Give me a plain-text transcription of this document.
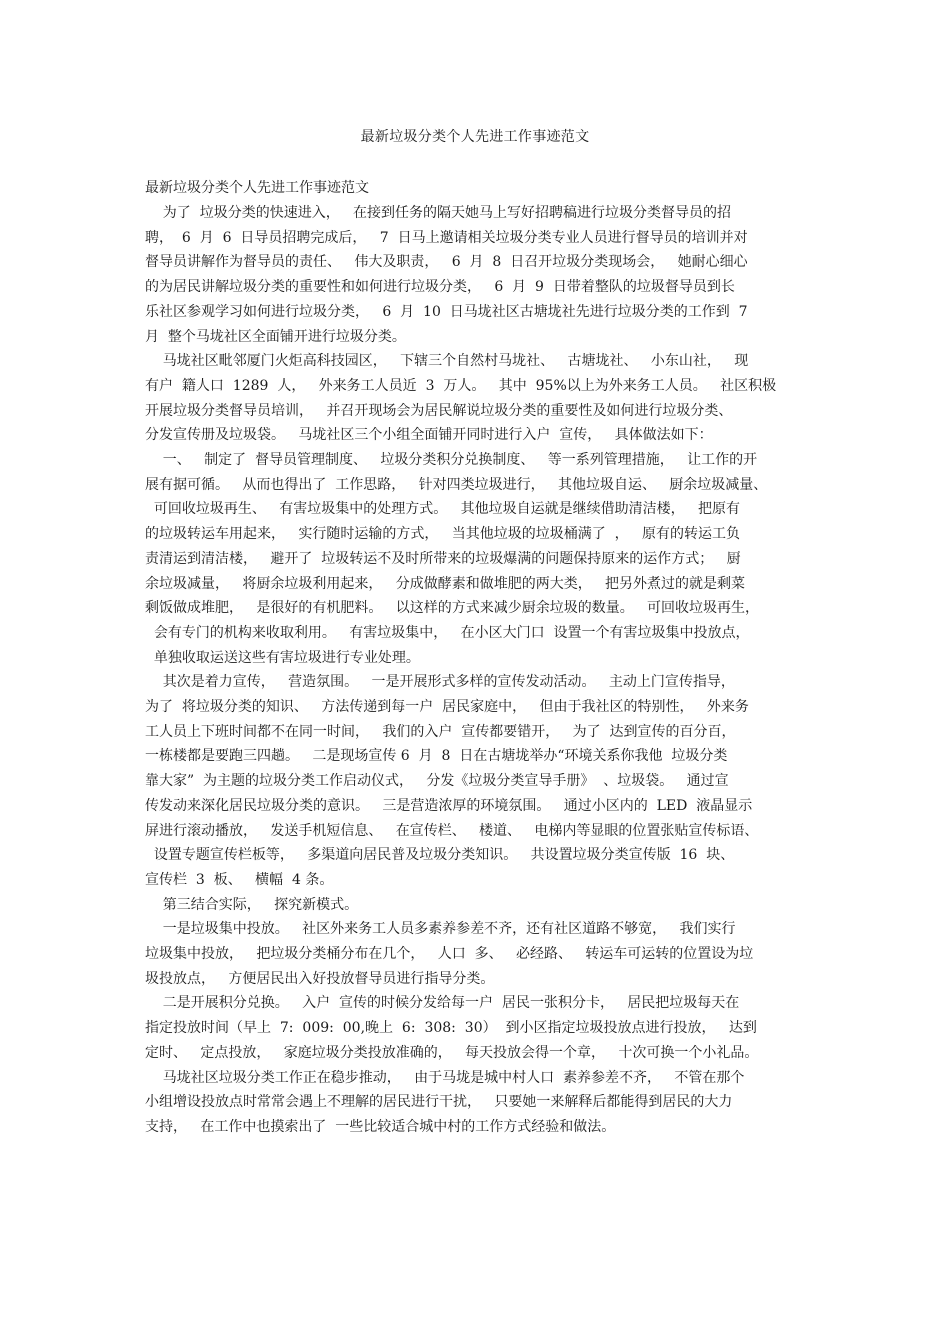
最新垃圾分类个人先进工作事迹范文
最新垃圾分类个人先进工作事迹范文
为了  垃圾分类的快速进入，   在接到任务的隔天她马上写好招聘稿进行垃圾分类督导员的招
聘，  6  月  6  日导员招聘完成后，   7  日马上邀请相关垃圾分类专业人员进行督导员的培训并对
督导员讲解作为督导员的责任、   伟大及职责，   6  月  8  日召开垃圾分类现场会，   她耐心细心
的为居民讲解垃圾分类的重要性和如何进行垃圾分类，   6  月  9  日带着整队的垃圾督导员到长
乐社区参观学习如何进行垃圾分类，   6  月  10  日马垅社区古塘垅社先进行垃圾分类的工作到  7
月  整个马垅社区全面铺开进行垃圾分类。
马垅社区毗邻厦门火炬高科技园区，   下辖三个自然村马垅社、   古塘垅社、   小东山社，   现
有户  籍人口  1289  人，   外来务工人员近  3  万人。   其中  95%以上为外来务工人员。   社区积极
开展垃圾分类督导员培训，   并召开现场会为居民解说垃圾分类的重要性及如何进行垃圾分类、
分发宣传册及垃圾袋。   马垅社区三个小组全面铺开同时进行入户  宣传，   具体做法如下：
一、   制定了  督导员管理制度、   垃圾分类积分兑换制度、   等一系列管理措施，   让工作的开
展有据可循。   从而也得出了  工作思路，   针对四类垃圾进行，   其他垃圾自运、   厨余垃圾减量、
可回收垃圾再生、   有害垃圾集中的处理方式。   其他垃圾自运就是继续借助清洁楼，   把原有
的垃圾转运车用起来，   实行随时运输的方式，   当其他垃圾的垃圾桶满了  ，   原有的转运工负
责清运到清洁楼，   避开了  垃圾转运不及时所带来的垃圾爆满的问题保持原来的运作方式；   厨
余垃圾减量，   将厨余垃圾利用起来，   分成做酵素和做堆肥的两大类，   把另外煮过的就是剩菜
剩饭做成堆肥，   是很好的有机肥料。   以这样的方式来减少厨余垃圾的数量。   可回收垃圾再生，
会有专门的机构来收取利用。   有害垃圾集中，   在小区大门口  设置一个有害垃圾集中投放点，
单独收取运送这些有害垃圾进行专业处理。
其次是着力宣传，   营造氛围。   一是开展形式多样的宣传发动活动。   主动上门宣传指导，
为了  将垃圾分类的知识、   方法传递到每一户  居民家庭中，   但由于我社区的特别性，   外来务
工人员上下班时间都不在同一时间，   我们的入户  宣传都要错开，   为了  达到宣传的百分百，
一栋楼都是要跑三四趟。   二是现场宣传 6  月  8  日在古塘垅举办“环境关系你我他  垃圾分类
靠大家”  为主题的垃圾分类工作启动仪式，   分发《垃圾分类宣导手册》  、垃圾袋。   通过宣
传发动来深化居民垃圾分类的意识。   三是营造浓厚的环境氛围。   通过小区内的  LED  液晶显示
屏进行滚动播放，   发送手机短信息、   在宣传栏、   楼道、   电梯内等显眼的位置张贴宣传标语、
设置专题宣传栏板等，   多渠道向居民普及垃圾分类知识。   共设置垃圾分类宣传版  16  块、
宣传栏  3  板、   横幅  4 条。
第三结合实际，   探究新模式。
一是垃圾集中投放。   社区外来务工人员多素养参差不齐，还有社区道路不够宽，   我们实行
垃圾集中投放，   把垃圾分类桶分布在几个，   人口  多、   必经路、   转运车可运转的位置设为垃
圾投放点，   方便居民出入好投放督导员进行指导分类。
二是开展积分兑换。   入户  宣传的时候分发给每一户  居民一张积分卡，   居民把垃圾每天在
指定投放时间（早上  7:  009:  00,晚上  6:  308:  30）  到小区指定垃圾投放点进行投放，   达到
定时、   定点投放，   家庭垃圾分类投放准确的，   每天投放会得一个章，   十次可换一个小礼品。
马垅社区垃圾分类工作正在稳步推动，   由于马垅是城中村人口  素养参差不齐，   不管在那个
小组增设投放点时常常会遇上不理解的居民进行干扰，   只要她一来解释后都能得到居民的大力
支持，   在工作中也摸索出了  一些比较适合城中村的工作方式经验和做法。
